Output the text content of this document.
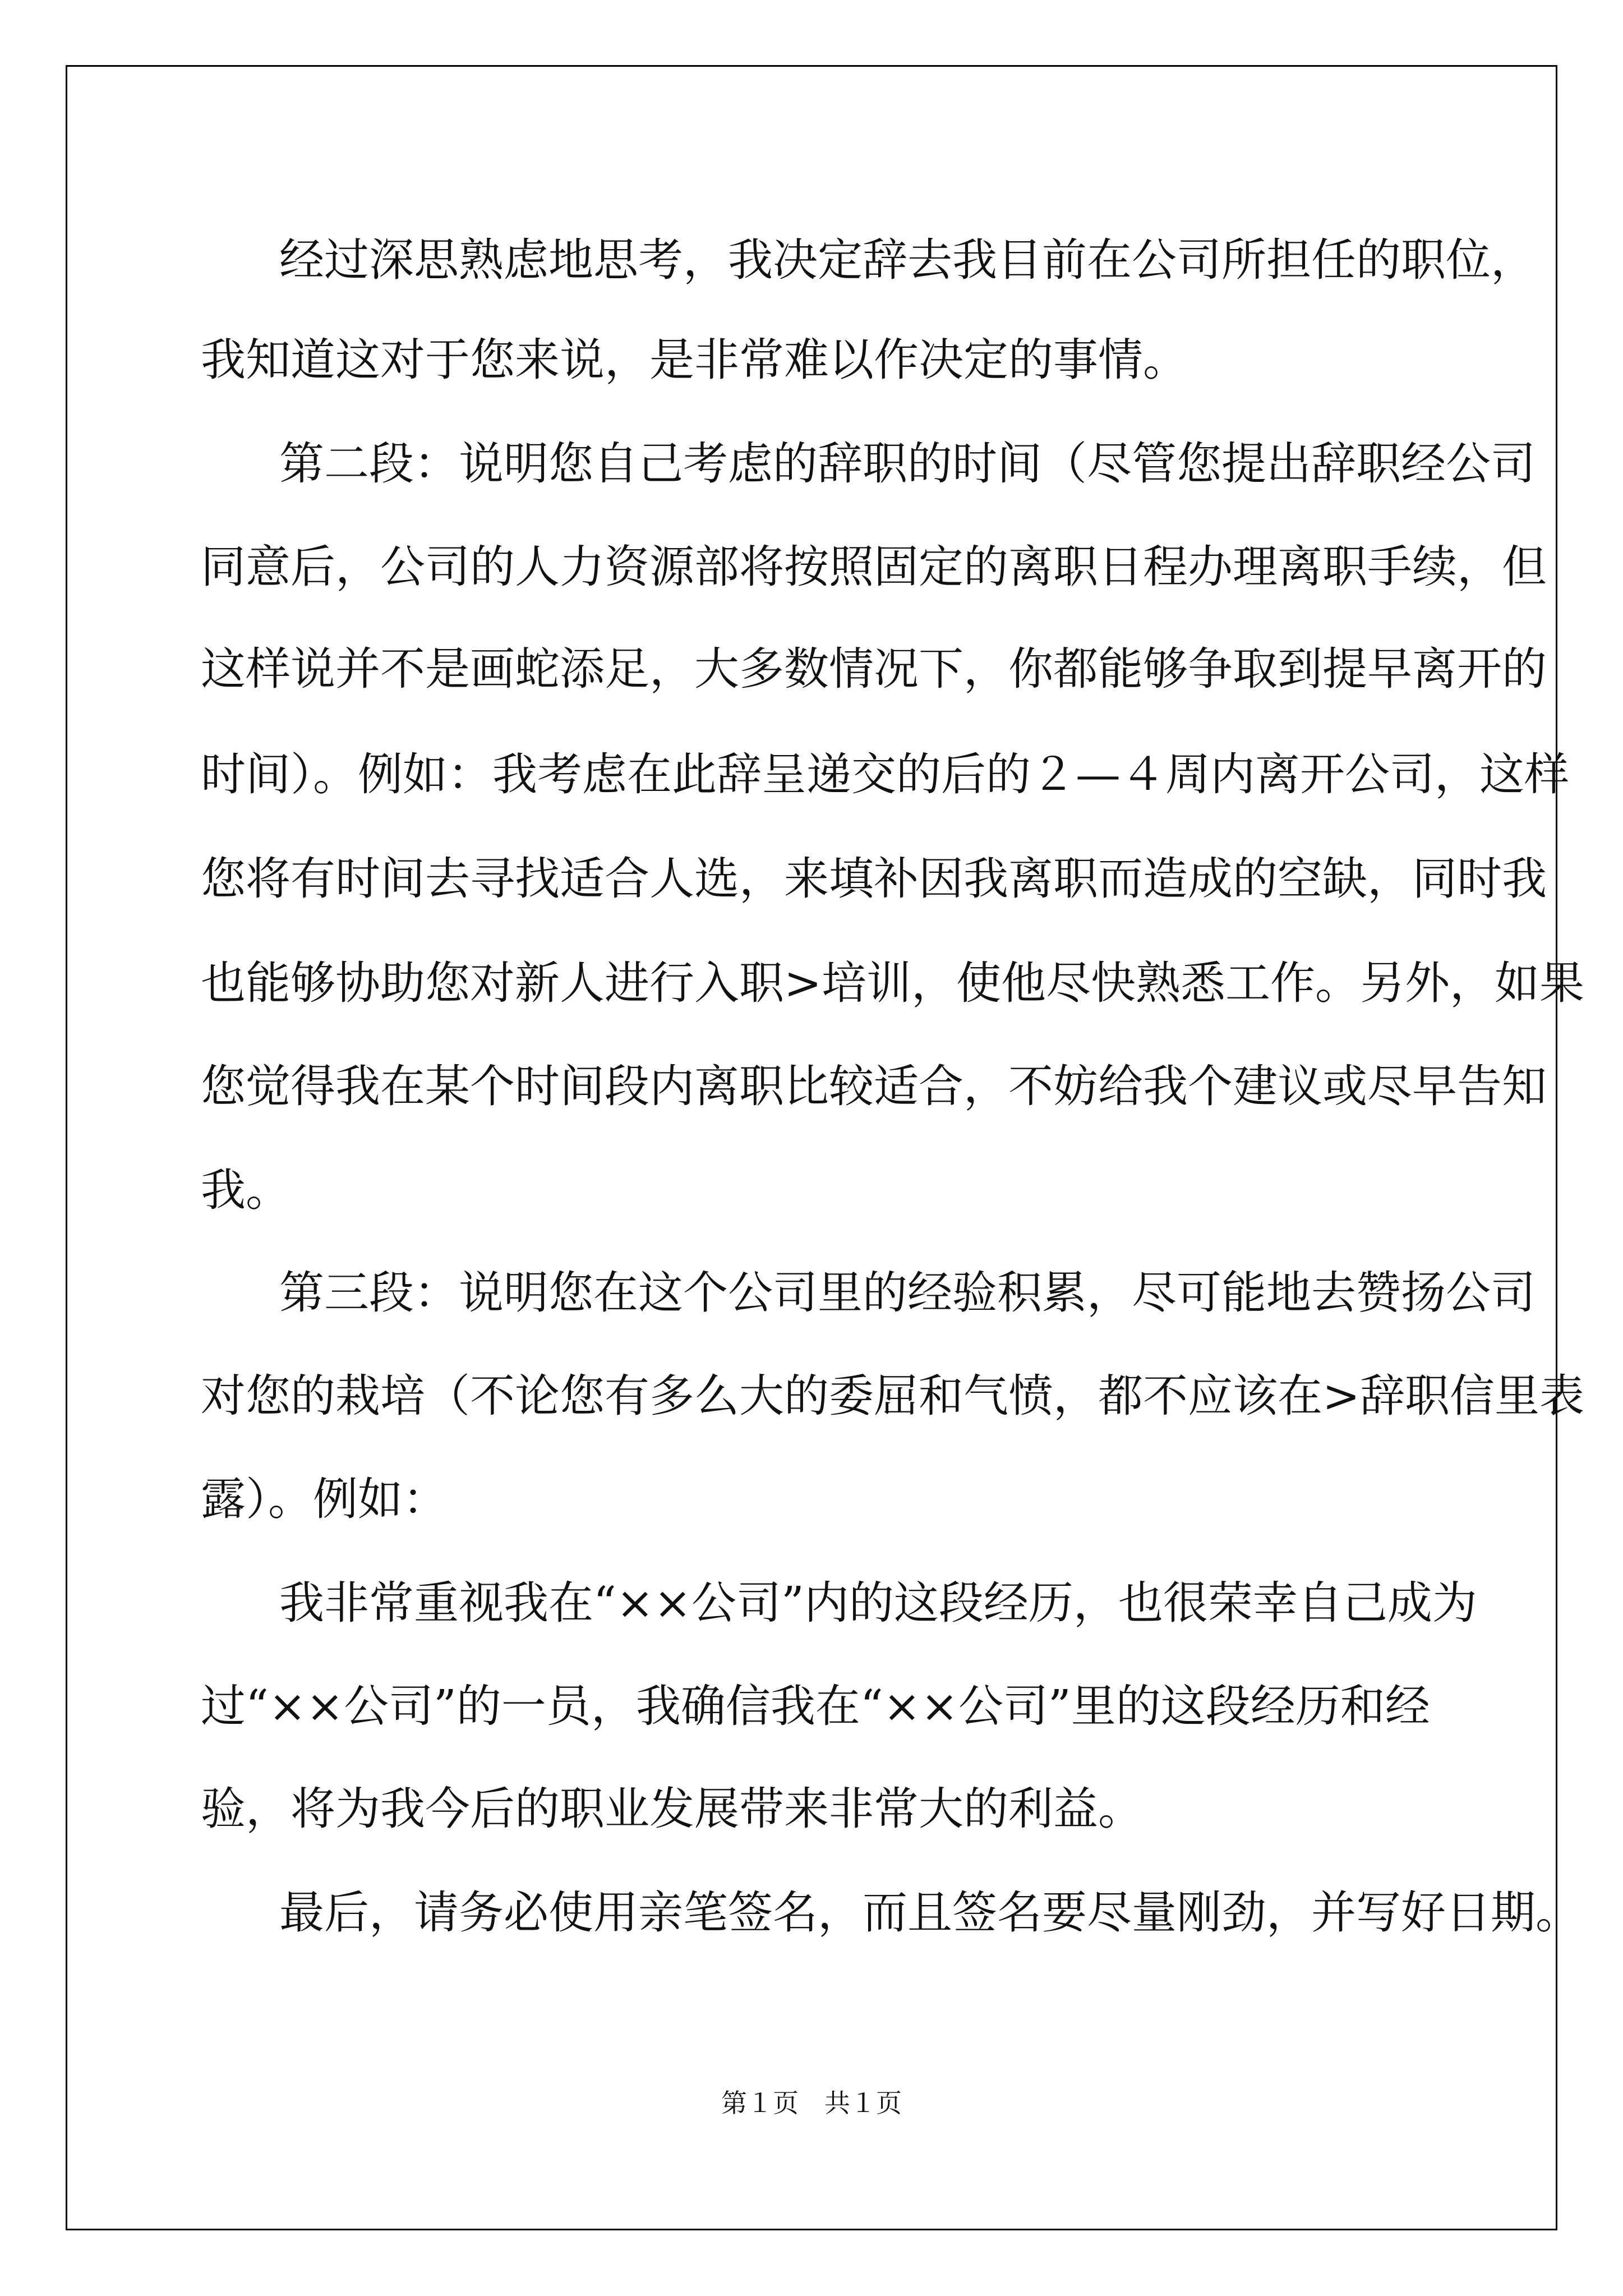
经过深思熟虑地思考，我决定辞去我目前在公司所担任的职位，
我知道这对于您来说，是非常难以作决定的事情。
第二段：说明您自己考虑的辞职的时间（尽管您提出辞职经公司
同意后，公司的人力资源部将按照固定的离职日程办理离职手续，但
这样说并不是画蛇添足，大多数情况下，你都能够争取到提早离开的
时间）。例如：我考虑在此辞呈递交的后的２—４周内离开公司，这样
您将有时间去寻找适合人选，来填补因我离职而造成的空缺，同时我
也能够协助您对新人进行入职>培训，使他尽快熟悉工作。另外，如果
您觉得我在某个时间段内离职比较适合，不妨给我个建议或尽早告知
我。
第三段：说明您在这个公司里的经验积累，尽可能地去赞扬公司
对您的栽培（不论您有多么大的委屈和气愤，都不应该在>辞职信里表
露）。例如：
我非常重视我在“××公司”内的这段经历，也很荣幸自己成为
过“××公司”的一员，我确信我在“××公司”里的这段经历和经
验，将为我今后的职业发展带来非常大的利益。
最后，请务必使用亲笔签名，而且签名要尽量刚劲，并写好日期。
第１页　共１页
